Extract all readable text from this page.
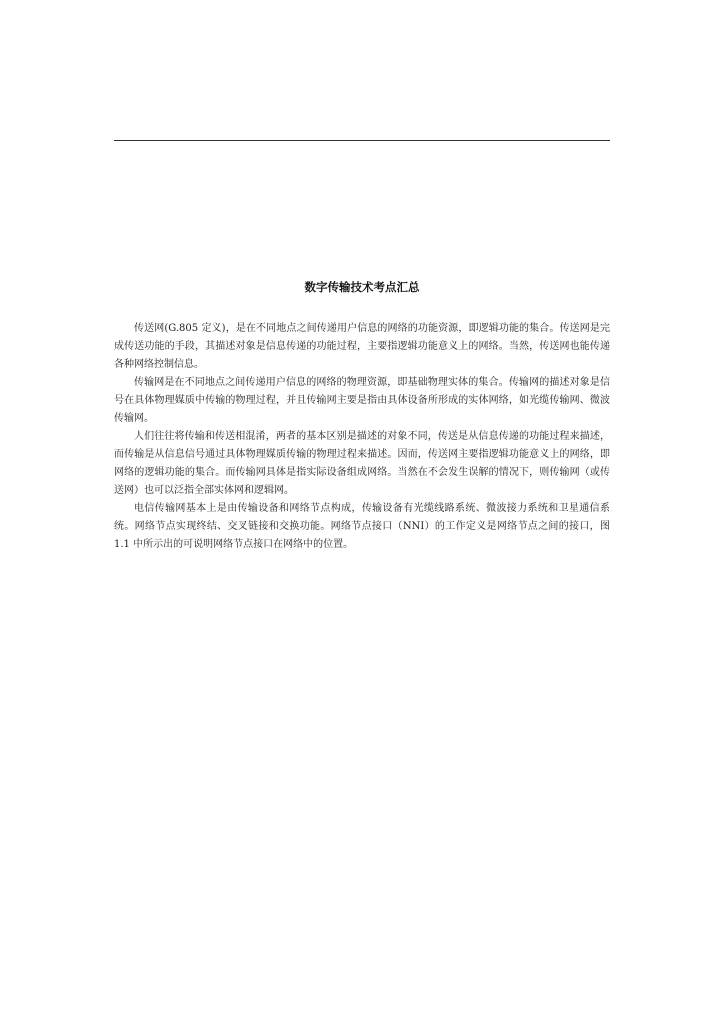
数字传输技术考点汇总

传送网(G.805 定义)，是在不同地点之间传递用户信息的网络的功能资源，即逻辑功能的集合。传送网是完成传送功能的手段，其描述对象是信息传递的功能过程，主要指逻辑功能意义上的网络。当然，传送网也能传递各种网络控制信息。

传输网是在不同地点之间传递用户信息的网络的物理资源，即基础物理实体的集合。传输网的描述对象是信号在具体物理媒质中传输的物理过程，并且传输网主要是指由具体设备所形成的实体网络，如光缆传输网、微波传输网。

人们往往将传输和传送相混淆，两者的基本区别是描述的对象不同，传送是从信息传递的功能过程来描述，而传输是从信息信号通过具体物理媒质传输的物理过程来描述。因而，传送网主要指逻辑功能意义上的网络，即网络的逻辑功能的集合。而传输网具体是指实际设备组成网络。当然在不会发生误解的情况下，则传输网（或传送网）也可以泛指全部实体网和逻辑网。

电信传输网基本上是由传输设备和网络节点构成，传输设备有光缆线路系统、微波接力系统和卫星通信系统。网络节点实现终结、交叉链接和交换功能。网络节点接口（NNI）的工作定义是网络节点之间的接口，图 1.1 中所示出的可说明网络节点接口在网络中的位置。
